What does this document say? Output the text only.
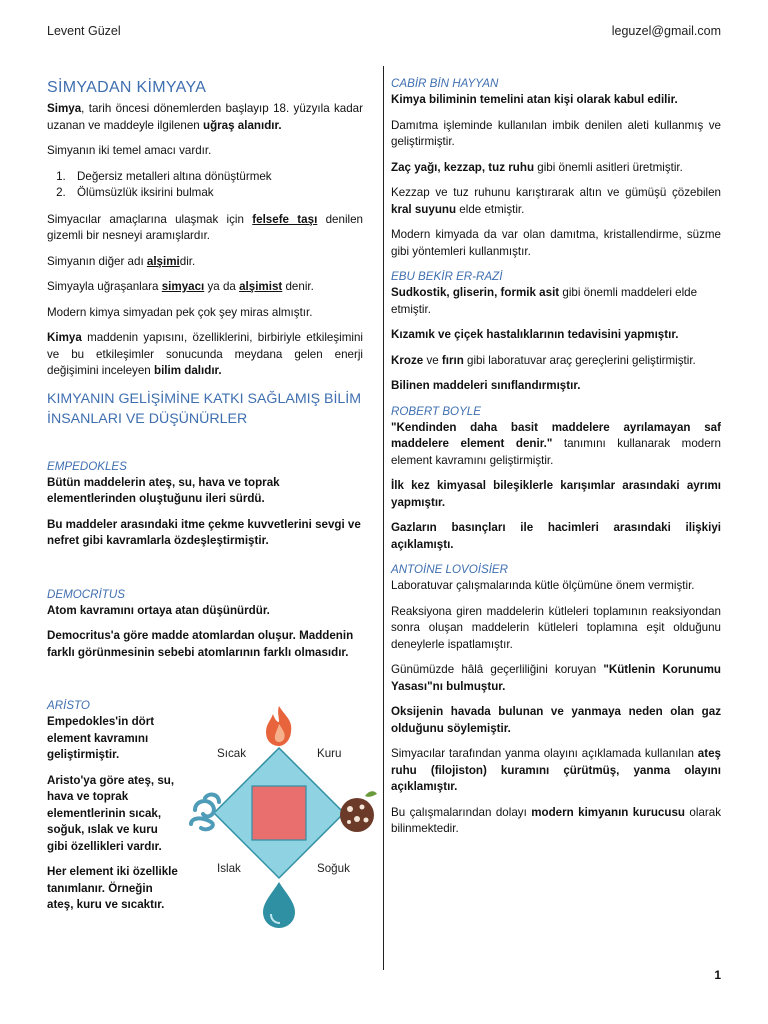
Levent Güzel	leguzel@gmail.com
SİMYADAN KİMYAYA

Simya, tarih öncesi dönemlerden başlayıp 18. yüzyıla kadar uzanan ve maddeyle ilgilenen uğraş alanıdır.

Simyanın iki temel amacı vardır.

1. Değersiz metalleri altına dönüştürmek
2. Ölümsüzlük iksirini bulmak

Simyacılar amaçlarına ulaşmak için felsefe taşı denilen gizemli bir nesneyi aramışlardır.

Simyanın diğer adı alşimidir.

Simyayla uğraşanlara simyacı ya da alşimist denir.

Modern kimya simyadan pek çok şey miras almıştır.

Kimya maddenin yapısını, özelliklerini, birbiriyle etkileşimini ve bu etkileşimler sonucunda meydana gelen enerji değişimini inceleyen bilim dalıdır.

KIMYANIN GELİŞİMİNE KATKI SAĞLAMIŞ BİLİM İNSANLARI VE DÜŞÜNÜRLER
EMPEDOKLES

Bütün maddelerin ateş, su, hava ve toprak elementlerinden oluştuğunu ileri sürdü.

Bu maddeler arasındaki itme çekme kuvvetlerini sevgi ve nefret gibi kavramlarla özdeşleştirmiştir.

DEMOCRİTUS

Atom kavramını ortaya atan düşünürdür.

Democritus'a göre madde atomlardan oluşur. Maddenin farklı görünmesinin sebebi atomlarının farklı olmasıdır.

ARİSTO

Empedokles'in dört element kavramını geliştirmiştir.

Aristo'ya göre ateş, su, hava ve toprak elementlerinin sıcak, soğuk, ıslak ve kuru gibi özellikleri vardır.

Her element iki özellikle tanımlanır. Örneğin ateş, kuru ve sıcaktır.

Sıcak	Kuru
Islak	Soğuk
CABİR BİN HAYYAN

Kimya biliminin temelini atan kişi olarak kabul edilir.

Damıtma işleminde kullanılan imbik denilen aleti kullanmış ve geliştirmiştir.

Zaç yağı, kezzap, tuz ruhu gibi önemli asitleri üretmiştir.

Kezzap ve tuz ruhunu karıştırarak altın ve gümüşü çözebilen kral suyunu elde etmiştir.

Modern kimyada da var olan damıtma, kristallendirme, süzme gibi yöntemleri kullanmıştır.

EBU BEKİR ER-RAZİ

Sudkostik, gliserin, formik asit gibi önemli maddeleri elde etmiştir.

Kızamık ve çiçek hastalıklarının tedavisini yapmıştır.

Kroze ve fırın gibi laboratuvar araç gereçlerini geliştirmiştir.

Bilinen maddeleri sınıflandırmıştır.

ROBERT BOYLE

"Kendinden daha basit maddelere ayrılamayan saf maddelere element denir." tanımını kullanarak modern element kavramını geliştirmiştir.

İlk kez kimyasal bileşiklerle karışımlar arasındaki ayrımı yapmıştır.

Gazların basınçları ile hacimleri arasındaki ilişkiyi açıklamıştı.

ANTOİNE LOVOİSİER

Laboratuvar çalışmalarında kütle ölçümüne önem vermiştir.

Reaksiyona giren maddelerin kütleleri toplamının reaksiyondan sonra oluşan maddelerin kütleleri toplamına eşit olduğunu deneylerle ispatlamıştır.

Günümüzde hâlâ geçerliliğini koruyan "Kütlenin Korunumu Yasası"nı bulmuştur.

Oksijenin havada bulunan ve yanmaya neden olan gaz olduğunu söylemiştir.

Simyacılar tarafından yanma olayını açıklamada kullanılan ateş ruhu (filojiston) kuramını çürütmüş, yanma olayını açıklamıştır.

Bu çalışmalarından dolayı modern kimyanın kurucusu olarak bilinmektedir.

1
